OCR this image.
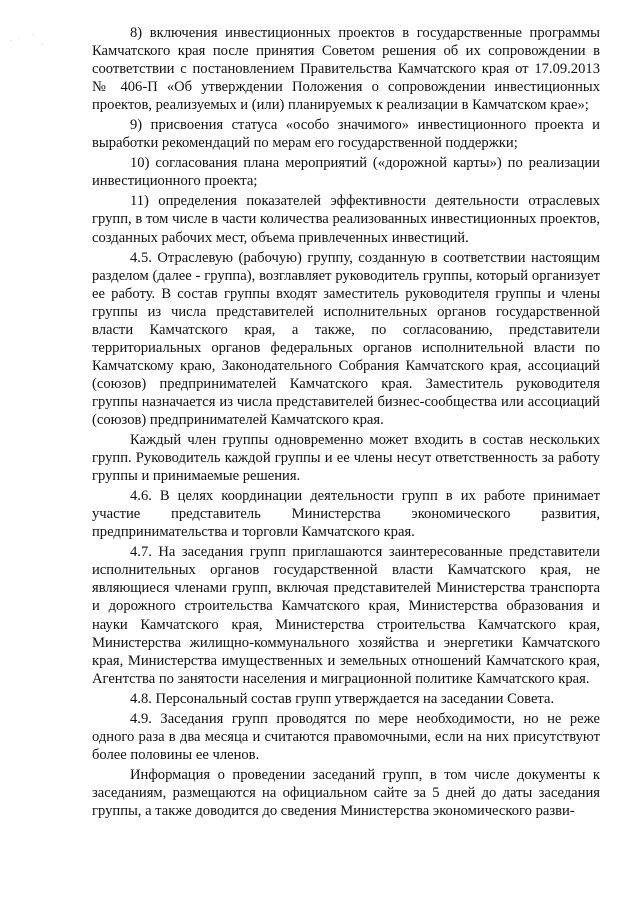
·
. ·
.

8) включения инвестиционных проектов в государственные программы Камчатского края после принятия Советом решения об их сопровождении в соответствии с постановлением Правительства Камчатского края от 17.09.2013 № 406-П «Об утверждении Положения о сопровождении инвестиционных проектов, реализуемых и (или) планируемых к реализации в Камчатском крае»;

9) присвоения статуса «особо значимого» инвестиционного проекта и выработки рекомендаций по мерам его государственной поддержки;

10) согласования плана мероприятий («дорожной карты») по реализации инвестиционного проекта;

11) определения показателей эффективности деятельности отраслевых групп, в том числе в части количества реализованных инвестиционных проектов, созданных рабочих мест, объема привлеченных инвестиций.

4.5. Отраслевую (рабочую) группу, созданную в соответствии настоящим разделом (далее - группа), возглавляет руководитель группы, который организует ее работу. В состав группы входят заместитель руководителя группы и члены группы из числа представителей исполнительных органов государственной власти Камчатского края, а также, по согласованию, представители территориальных органов федеральных органов исполнительной власти по Камчатскому краю, Законодательного Собрания Камчатского края, ассоциаций (союзов) предпринимателей Камчатского края. Заместитель руководителя группы назначается из числа представителей бизнес-сообщества или ассоциаций (союзов) предпринимателей Камчатского края.

Каждый член группы одновременно может входить в состав нескольких групп. Руководитель каждой группы и ее члены несут ответственность за работу группы и принимаемые решения.

4.6. В целях координации деятельности групп в их работе принимает участие представитель Министерства экономического развития, предпринимательства и торговли Камчатского края.

4.7. На заседания групп приглашаются заинтересованные представители исполнительных органов государственной власти Камчатского края, не являющиеся членами групп, включая представителей Министерства транспорта и дорожного строительства Камчатского края, Министерства образования и науки Камчатского края, Министерства строительства Камчатского края, Министерства жилищно-коммунального хозяйства и энергетики Камчатского края, Министерства имущественных и земельных отношений Камчатского края, Агентства по занятости населения и миграционной политике Камчатского края.

4.8. Персональный состав групп утверждается на заседании Совета.

4.9. Заседания групп проводятся по мере необходимости, но не реже одного раза в два месяца и считаются правомочными, если на них присутствуют более половины ее членов.

Информация о проведении заседаний групп, в том числе документы к заседаниям, размещаются на официальном сайте за 5 дней до даты заседания группы, а также доводится до сведения Министерства экономического разви-
